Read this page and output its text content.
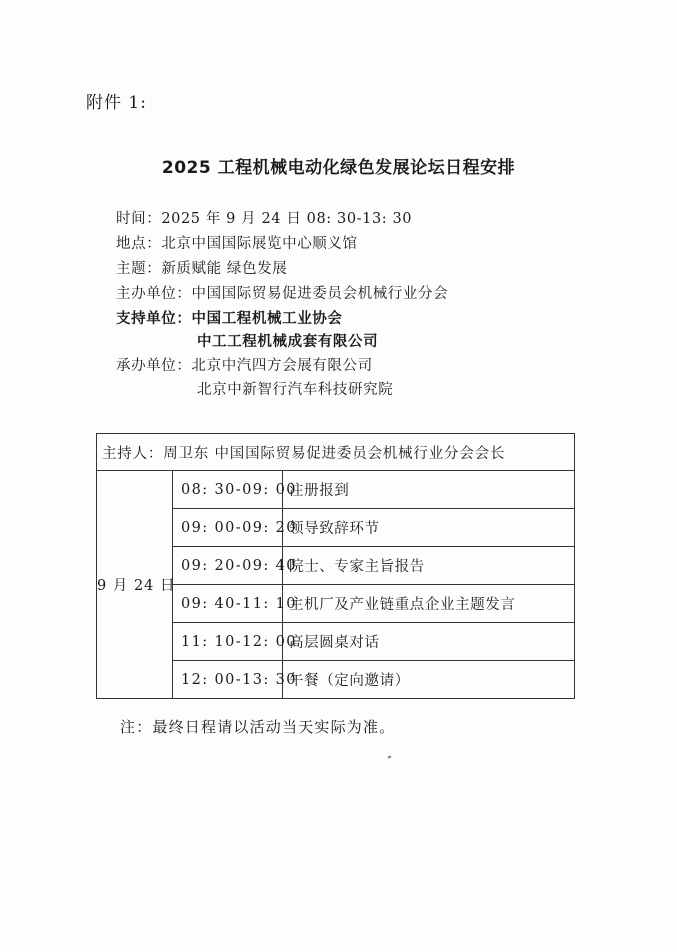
附件 1:
2025 工程机械电动化绿色发展论坛日程安排
时间：2025 年 9 月 24 日 08: 30-13: 30
地点：北京中国国际展览中心顺义馆
主题：新质赋能 绿色发展
主办单位：中国国际贸易促进委员会机械行业分会
支持单位：中国工程机械工业协会
中工工程机械成套有限公司
承办单位：北京中汽四方会展有限公司
北京中新智行汽车科技研究院
主持人：周卫东 中国国际贸易促进委员会机械行业分会会长		
9 月 24 日	08: 30-09: 00	注册报到
	09: 00-09: 20	领导致辞环节
	09: 20-09: 40	院士、专家主旨报告
	09: 40-11: 10	主机厂及产业链重点企业主题发言
	11: 10-12: 00	高层圆桌对话
	12: 00-13: 30	午餐（定向邀请）
注：最终日程请以活动当天实际为准。
